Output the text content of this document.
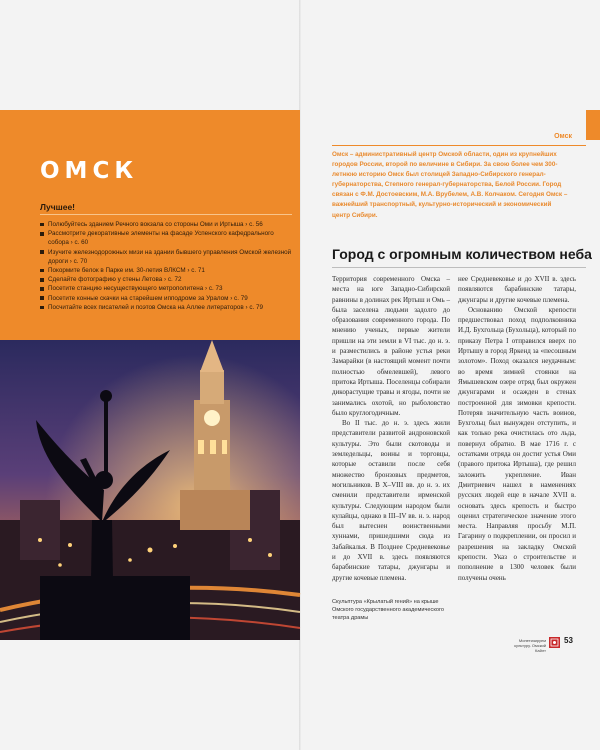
ОМСК
Лучшее!
Полюбуйтесь зданием Речного вокзала со стороны Оми и Иртыша › с. 56
Рассмотрите декоративные элементы на фасаде Успенского кафедрального собора › с. 60
Изучите железнодорожных мизи на здании бывшего управления Омской железной дороги › с. 70
Покормите белок в Парке им. 30-летия ВЛКСМ › с. 71
Сделайте фотографию у стены Летова › с. 72
Посетите станцию несуществующего метрополитена › с. 73
Посетите конные скачки на старейшем ипподроме за Уралом › с. 79
Посчитайте всех писателей и поэтов Омска на Аллее литераторов › с. 79
Омск

Омск – административный центр Омской области, один из крупнейших городов России, второй по величине в Сибири. За свою более чем 300-летнюю историю Омск был столицей Западно-Сибирского генерал-губернаторства, Степного генерал-губернаторства, Белой России. Город связан с Ф.М. Достоевским, М.А. Врубелем, А.В. Колчаком. Сегодня Омск – важнейший транспортный, культурно-исторический и экономический центр Сибири.

Город с огромным количеством неба

Территория современного Омска – места на юге Западно-Сибирской равнины в долинах рек Иртыш и Омь – была заселена людьми задолго до образования современного города. По мнению ученых, первые жители пришли на эти земли в VI тыс. до н. э. и разместились в районе устья реки Замарайки (в настоящий момент почти полностью обмелевшей), левого притока Иртыша. Поселенцы собирали дикорастущие травы и ягоды, почти не занимались охотой, но рыболовство было круглогодичным.

Во II тыс. до н. э. здесь жили представители развитой андроновской культуры. Это были скотоводы и земледельцы, воины и торговцы, которые оставили после себя множество бронзовых предметов, могильников. В Х–VIII вв. до н. э. их сменили представители ирменской культуры. Следующим народом были кулайцы, однако в III–IV вв. н. э. народ был вытеснен воинственными хуннами, пришедшими сюда из Забайкалья. В Позднее Средневековье и до XVII в. здесь появляются барабинские татары, джунгары и другие кочевые племена.

нее Средневековье и до XVII в. здесь появляются барабинские татары, джунгары и другие кочевые племена.

Основанию Омской крепости предшествовал поход подполковника И.Д. Бухгольца (Бухольца), который по приказу Петра I отправился вверх по Иртышу в город Яркенд за «песошным золотом». Поход оказался неудачным: во время зимней стоянки на Ямышевском озере отряд был окружен джунгарами и осажден в стенах построенной для зимовки крепости. Потеряв значительную часть воинов, Бухгольц был вынужден отступить, и как только река очистилась ото льда, повернул обратно. В мае 1716 г. с остатками отряда он достиг устья Оми (правого притока Иртыша), где решил заложить укрепление. Иван Дмитриевич нашел в наменениях русских людей еще в начале XVII в. основать здесь крепость и быстро оценил стратегическое значение этого места. Направляя просьбу М.П. Гагарину о подкреплении, он просил и разрешения на закладку Омской крепости. Указ о строительстве и пополнение в 1300 человек были получены очень

Скульптура «Крылатый гений» на крыше Омского государственного академического театра драмы

Монетизируем культуру. Омский Кайлт
53
